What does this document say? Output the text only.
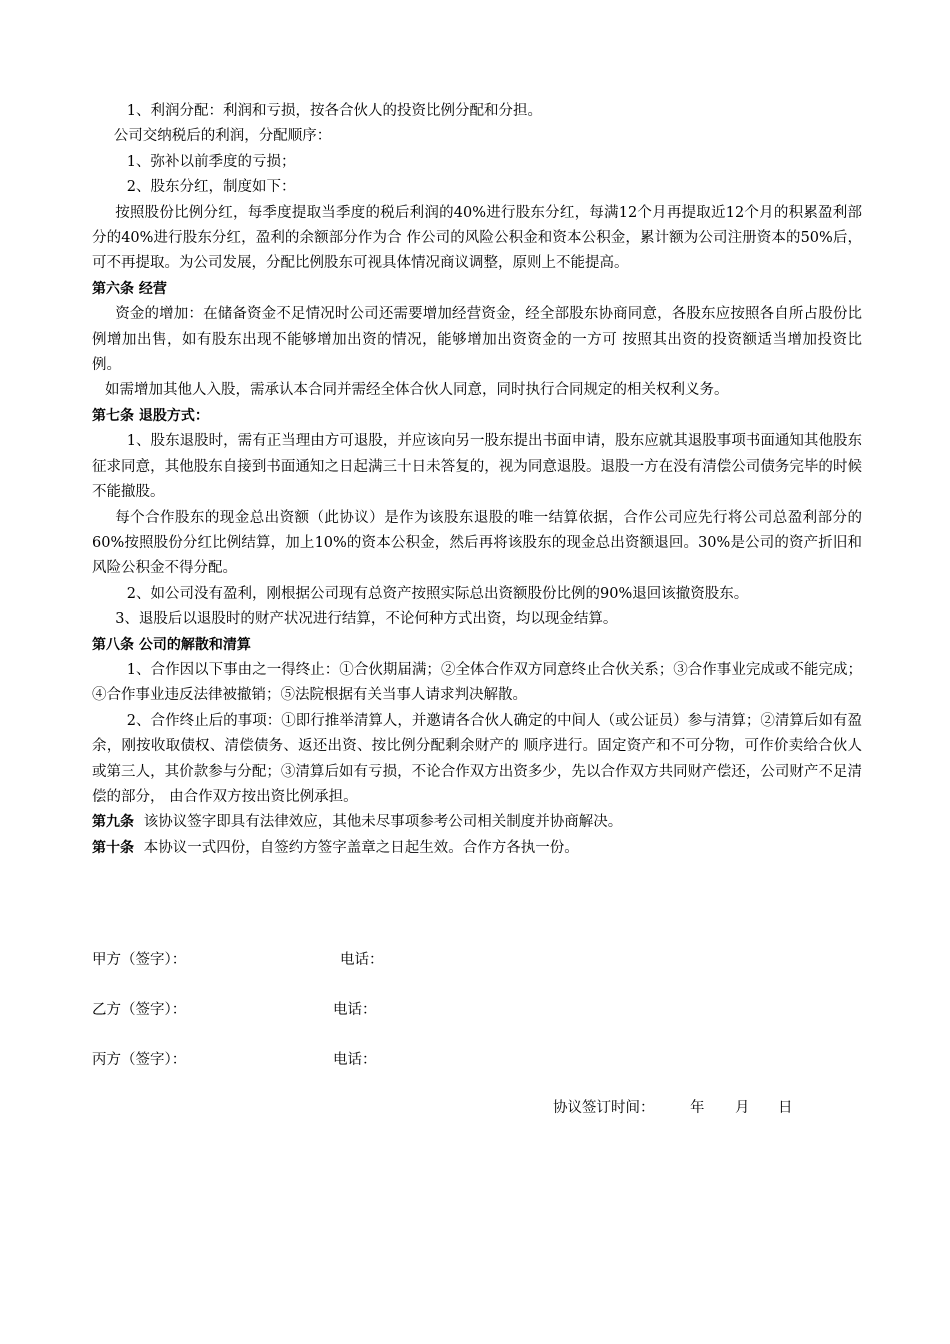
1、利润分配：利润和亏损，按各合伙人的投资比例分配和分担。

公司交纳税后的利润，分配顺序：

1、弥补以前季度的亏损；

2、股东分红，制度如下：

按照股份比例分红，每季度提取当季度的税后利润的40%进行股东分红，每满12个月再提取近12个月的积累盈利部分的40%进行股东分红，盈利的余额部分作为合 作公司的风险公积金和资本公积金，累计额为公司注册资本的50%后，可不再提取。为公司发展，分配比例股东可视具体情况商议调整，原则上不能提高。

第六条 经营

资金的增加：在储备资金不足情况时公司还需要增加经营资金，经全部股东协商同意，各股东应按照各自所占股份比例增加出售，如有股东出现不能够增加出资的情况，能够增加出资资金的一方可 按照其出资的投资额适当增加投资比例。

如需增加其他人入股，需承认本合同并需经全体合伙人同意，同时执行合同规定的相关权利义务。

第七条 退股方式：

1、股东退股时，需有正当理由方可退股，并应该向另一股东提出书面申请，股东应就其退股事项书面通知其他股东征求同意，其他股东自接到书面通知之日起满三十日未答复的，视为同意退股。退股一方在没有清偿公司债务完毕的时候不能撤股。

每个合作股东的现金总出资额（此协议）是作为该股东退股的唯一结算依据，合作公司应先行将公司总盈利部分的60%按照股份分红比例结算，加上10%的资本公积金，然后再将该股东的现金总出资额退回。30%是公司的资产折旧和风险公积金不得分配。

2、如公司没有盈利，刚根据公司现有总资产按照实际总出资额股份比例的90%退回该撤资股东。

3、退股后以退股时的财产状况进行结算，不论何种方式出资，均以现金结算。

第八条 公司的解散和清算

1、合作因以下事由之一得终止：①合伙期届满；②全体合作双方同意终止合伙关系；③合作事业完成或不能完成；④合作事业违反法律被撤销；⑤法院根据有关当事人请求判决解散。

2、合作终止后的事项：①即行推举清算人，并邀请各合伙人确定的中间人（或公证员）参与清算；②清算后如有盈余，刚按收取债权、清偿债务、返还出资、按比例分配剩余财产的 顺序进行。固定资产和不可分物，可作价卖给合伙人或第三人，其价款参与分配；③清算后如有亏损，不论合作双方出资多少，先以合作双方共同财产偿还，公司财产不足清偿的部分， 由合作双方按出资比例承担。

第九条 该协议签字即具有法律效应，其他未尽事项参考公司相关制度并协商解决。

第十条 本协议一式四份，自签约方签字盖章之日起生效。合作方各执一份。

甲方（签字）：	电话：
乙方（签字）：	电话：
丙方（签字）：	电话：
协议签订时间： 年 月 日
